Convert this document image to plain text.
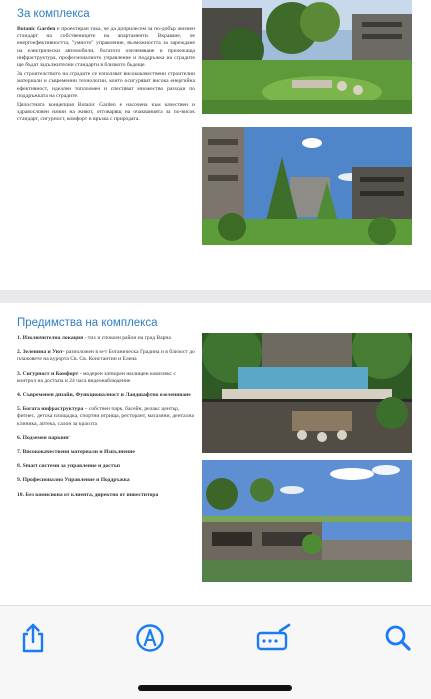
За комплекса

Botanic Garden е проектиран така, че да доприлесем за по-добър жизнен стандарт на собствениците на апартаменти. Вкраване, че енергоефективността, "умното" управление, възможността за зареждане на електрически автомобили, богатото озеленяване и прилежаща инфраструктура, професионалното управление и поддръжка на сградите ще бъдат задължителни стандарти в близкото бъдеще.

За строителството на сградите се използват висококачествени строителни материали и съвременни технологии, които осигуряват висока енергийна ефективност, идеален топлоомен и спестяват множество разходи по поддръжката на сградите.

Цялостната концепция Botanic Garden е насочена към качествен и здравословен начин на живот, отговарящ на очакванията за по-висок стандарт, сигурност, комфорт и връзка с природата.

Предимства на комплекса
1. Изключителна локация - тих и спокоен район на град Варна
2. Зеленина и Уют- разположен в м-т Ботаническа Градина и в близост до плажовете на курорта Св. Св. Константин и Елена
3. Сигурност и Комфорт - модерен затворен жилищен комплекс с контрол на достъпа и 24 часа видеонаблюдение
4. Съвременен дизайн, Функционалност и Ландшафтно озеленяване
5. Богата инфраструктура – собствен парк, басейн, релакс център, фитнес, детска площадка, спортни игрища, ресторант, магазини, дентална клиника, аптека, салон за красота
6. Подземен паркинг
7. Висококачествени материали и Изпълнение
8. Smart системи за управление и достъп
9. Професионално Управление и Поддръжка
10. Без комисиона от клиента, директно от инвеститора
